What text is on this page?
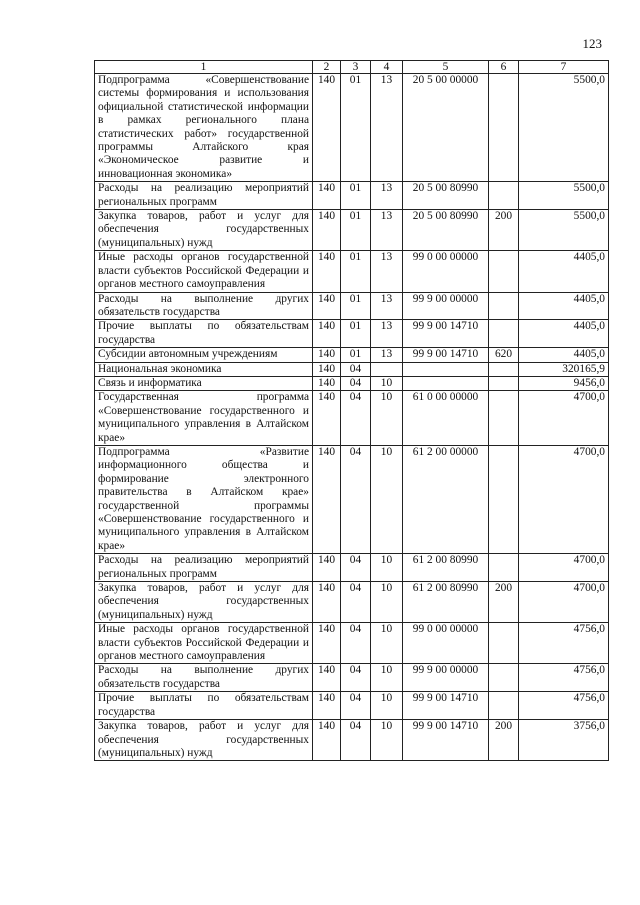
123
1	2	3	4	5	6	7
Подпрограмма «Совершенствование системы формирования и использования официальной статистической информации в рамках регионального плана статистических работ» государственной программы Алтайского края «Экономическое развитие и инновационная экономика»	140	01	13	20 5 00 00000		5500,0
Расходы на реализацию мероприятий региональных программ	140	01	13	20 5 00 80990		5500,0
Закупка товаров, работ и услуг для обеспечения государственных (муниципальных) нужд	140	01	13	20 5 00 80990	200	5500,0
Иные расходы органов государственной власти субъектов Российской Федерации и органов местного самоуправления	140	01	13	99 0 00 00000		4405,0
Расходы на выполнение других обязательств государства	140	01	13	99 9 00 00000		4405,0
Прочие выплаты по обязательствам государства	140	01	13	99 9 00 14710		4405,0
Субсидии автономным учреждениям	140	01	13	99 9 00 14710	620	4405,0
Национальная экономика	140	04				320165,9
Связь и информатика	140	04	10			9456,0
Государственная программа «Совершенствование государственного и муниципального управления в Алтайском крае»	140	04	10	61 0 00 00000		4700,0
Подпрограмма «Развитие информационного общества и формирование электронного правительства в Алтайском крае» государственной программы «Совершенствование государственного и муниципального управления в Алтайском крае»	140	04	10	61 2 00 00000		4700,0
Расходы на реализацию мероприятий региональных программ	140	04	10	61 2 00 80990		4700,0
Закупка товаров, работ и услуг для обеспечения государственных (муниципальных) нужд	140	04	10	61 2 00 80990	200	4700,0
Иные расходы органов государственной власти субъектов Российской Федерации и органов местного самоуправления	140	04	10	99 0 00 00000		4756,0
Расходы на выполнение других обязательств государства	140	04	10	99 9 00 00000		4756,0
Прочие выплаты по обязательствам государства	140	04	10	99 9 00 14710		4756,0
Закупка товаров, работ и услуг для обеспечения государственных (муниципальных) нужд	140	04	10	99 9 00 14710	200	3756,0
